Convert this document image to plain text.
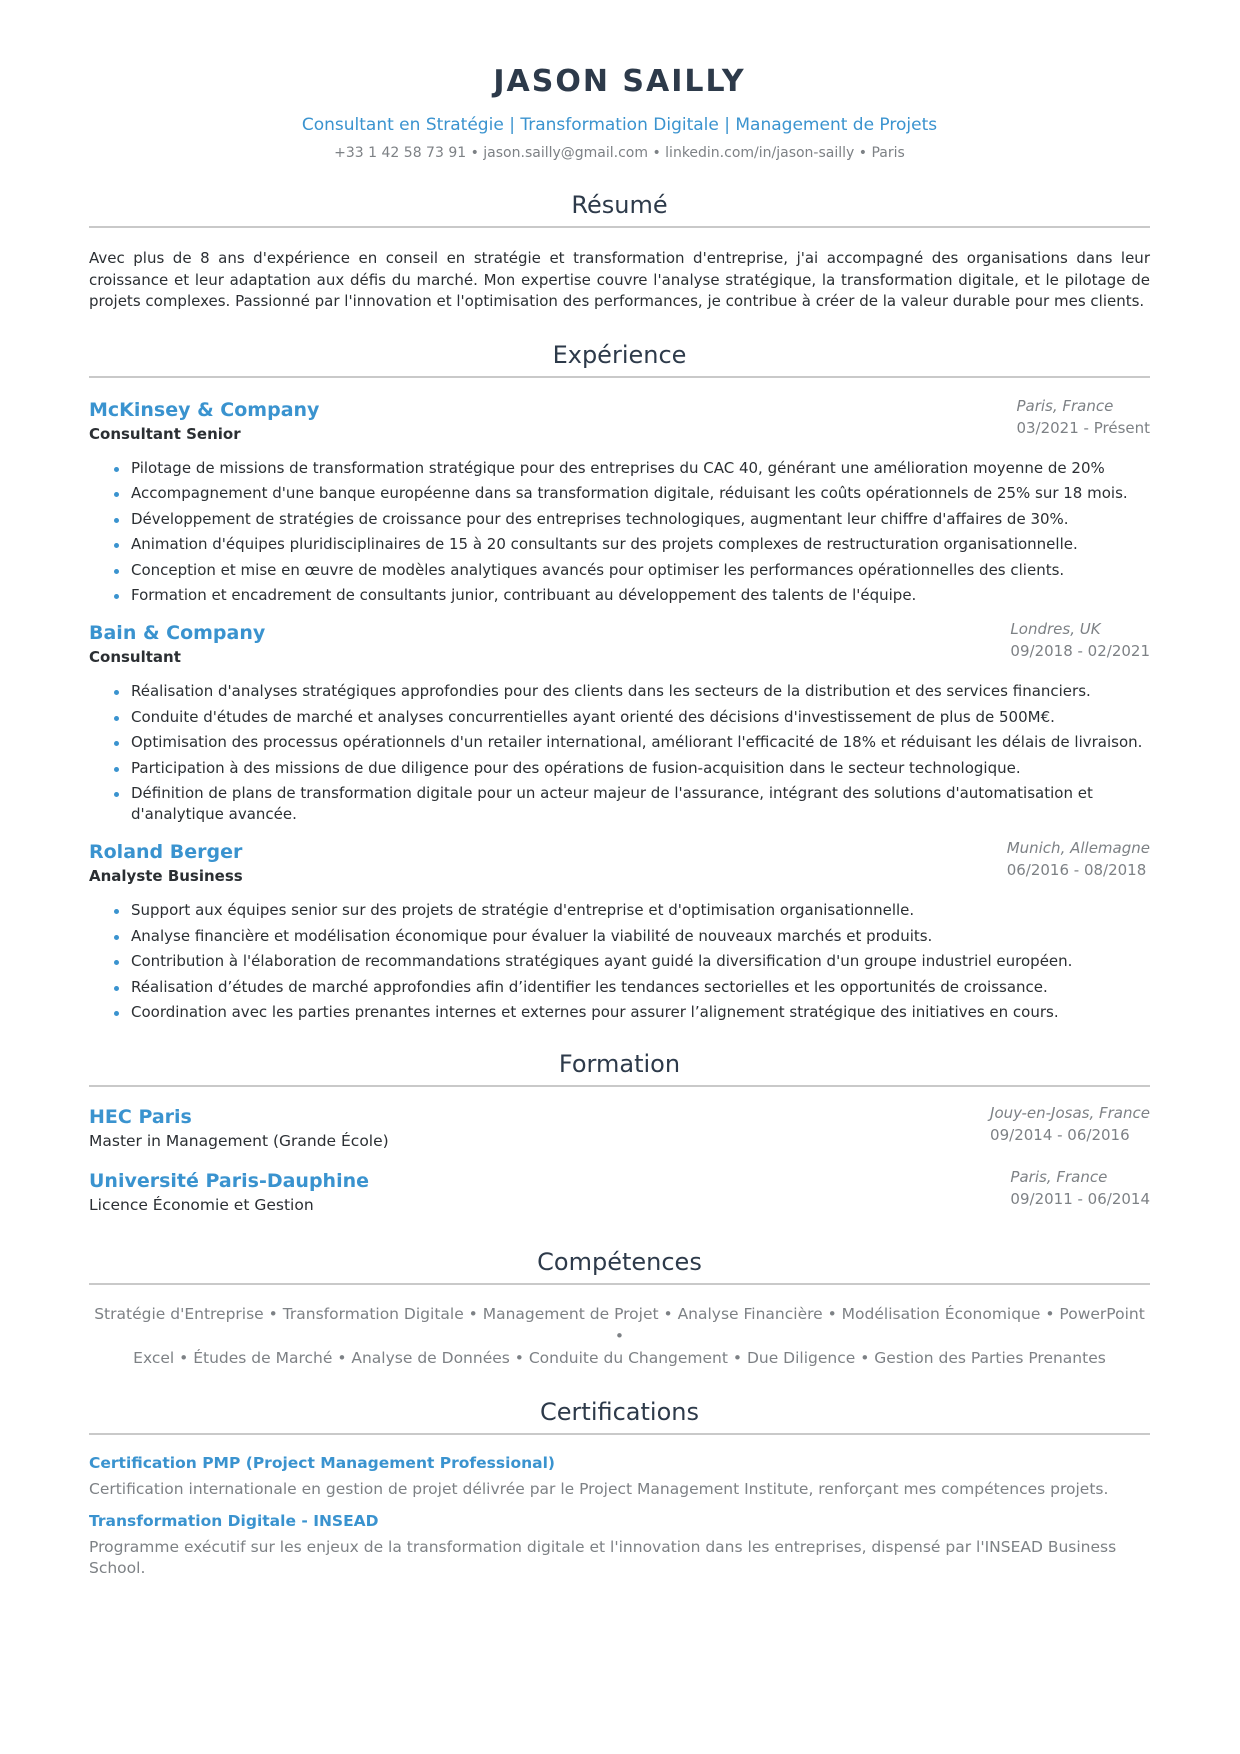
JASON SAILLY
Consultant en Stratégie | Transformation Digitale | Management de Projets
+33 1 42 58 73 91 • jason.sailly@gmail.com • linkedin.com/in/jason-sailly • Paris
Résumé
Avec plus de 8 ans d'expérience en conseil en stratégie et transformation d'entreprise, j'ai accompagné des organisations dans leur croissance et leur adaptation aux défis du marché. Mon expertise couvre l'analyse stratégique, la transformation digitale, et le pilotage de projets complexes. Passionné par l'innovation et l'optimisation des performances, je contribue à créer de la valeur durable pour mes clients.
Expérience
McKinsey & Company
Consultant Senior
Paris, France
03/2021 - Présent
Pilotage de missions de transformation stratégique pour des entreprises du CAC 40, générant une amélioration moyenne de 20%
Accompagnement d'une banque européenne dans sa transformation digitale, réduisant les coûts opérationnels de 25% sur 18 mois.
Développement de stratégies de croissance pour des entreprises technologiques, augmentant leur chiffre d'affaires de 30%.
Animation d'équipes pluridisciplinaires de 15 à 20 consultants sur des projets complexes de restructuration organisationnelle.
Conception et mise en œuvre de modèles analytiques avancés pour optimiser les performances opérationnelles des clients.
Formation et encadrement de consultants junior, contribuant au développement des talents de l'équipe.
Bain & Company
Consultant
Londres, UK
09/2018 - 02/2021
Réalisation d'analyses stratégiques approfondies pour des clients dans les secteurs de la distribution et des services financiers.
Conduite d'études de marché et analyses concurrentielles ayant orienté des décisions d'investissement de plus de 500M€.
Optimisation des processus opérationnels d'un retailer international, améliorant l'efficacité de 18% et réduisant les délais de livraison.
Participation à des missions de due diligence pour des opérations de fusion-acquisition dans le secteur technologique.
Définition de plans de transformation digitale pour un acteur majeur de l'assurance, intégrant des solutions d'automatisation et d'analytique avancée.
Roland Berger
Analyste Business
Munich, Allemagne
06/2016 - 08/2018
Support aux équipes senior sur des projets de stratégie d'entreprise et d'optimisation organisationnelle.
Analyse financière et modélisation économique pour évaluer la viabilité de nouveaux marchés et produits.
Contribution à l'élaboration de recommandations stratégiques ayant guidé la diversification d'un groupe industriel européen.
Réalisation d’études de marché approfondies afin d’identifier les tendances sectorielles et les opportunités de croissance.
Coordination avec les parties prenantes internes et externes pour assurer l’alignement stratégique des initiatives en cours.
Formation
HEC Paris
Master in Management (Grande École)
Jouy-en-Josas, France
09/2014 - 06/2016
Université Paris-Dauphine
Licence Économie et Gestion
Paris, France
09/2011 - 06/2014
Compétences
Stratégie d'Entreprise • Transformation Digitale • Management de Projet • Analyse Financière • Modélisation Économique • PowerPoint •
Excel • Études de Marché • Analyse de Données • Conduite du Changement • Due Diligence • Gestion des Parties Prenantes
Certifications
Certification PMP (Project Management Professional)
Certification internationale en gestion de projet délivrée par le Project Management Institute, renforçant mes compétences projets.
Transformation Digitale - INSEAD
Programme exécutif sur les enjeux de la transformation digitale et l'innovation dans les entreprises, dispensé par l'INSEAD Business School.
